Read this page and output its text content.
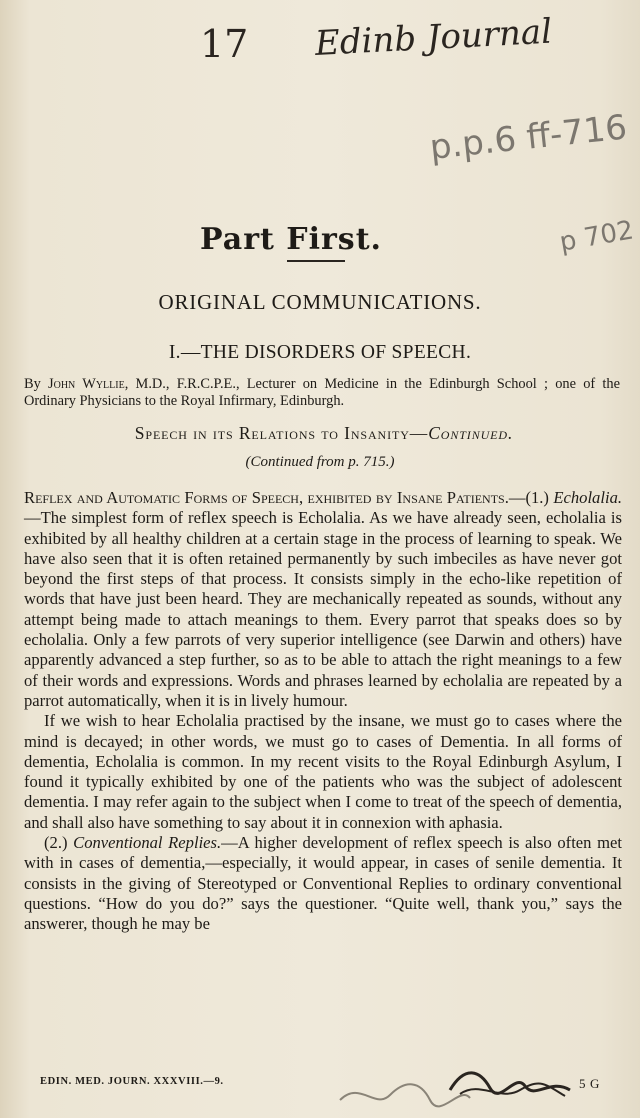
17 Edinb Journal
p.p.6 ff-716
p 702
Part First.
ORIGINAL COMMUNICATIONS.
I.—THE DISORDERS OF SPEECH.
By John Wyllie, M.D., F.R.C.P.E., Lecturer on Medicine in the Edinburgh School ; one of the Ordinary Physicians to the Royal Infirmary, Edinburgh.
Speech in its Relations to Insanity—Continued.
(Continued from p. 715.)

Reflex and Automatic Forms of Speech, exhibited by Insane Patients.—(1.) Echolalia.—The simplest form of reflex speech is Echolalia. As we have already seen, echolalia is exhibited by all healthy children at a certain stage in the process of learning to speak. We have also seen that it is often retained permanently by such imbeciles as have never got beyond the first steps of that process. It consists simply in the echo-like repetition of words that have just been heard. They are mechanically repeated as sounds, without any attempt being made to attach meanings to them. Every parrot that speaks does so by echolalia. Only a few parrots of very superior intelligence (see Darwin and others) have apparently advanced a step further, so as to be able to attach the right meanings to a few of their words and expressions. Words and phrases learned by echolalia are repeated by a parrot automatically, when it is in lively humour.

If we wish to hear Echolalia practised by the insane, we must go to cases where the mind is decayed; in other words, we must go to cases of Dementia. In all forms of dementia, Echolalia is common. In my recent visits to the Royal Edinburgh Asylum, I found it typically exhibited by one of the patients who was the subject of adolescent dementia. I may refer again to the subject when I come to treat of the speech of dementia, and shall also have something to say about it in connexion with aphasia.

(2.) Conventional Replies.—A higher development of reflex speech is also often met with in cases of dementia,—especially, it would appear, in cases of senile dementia. It consists in the giving of Stereotyped or Conventional Replies to ordinary conventional questions. “How do you do?” says the questioner. “Quite well, thank you,” says the answerer, though he may be

EDIN. MED. JOURN. XXXVIII.—9.	5 G
